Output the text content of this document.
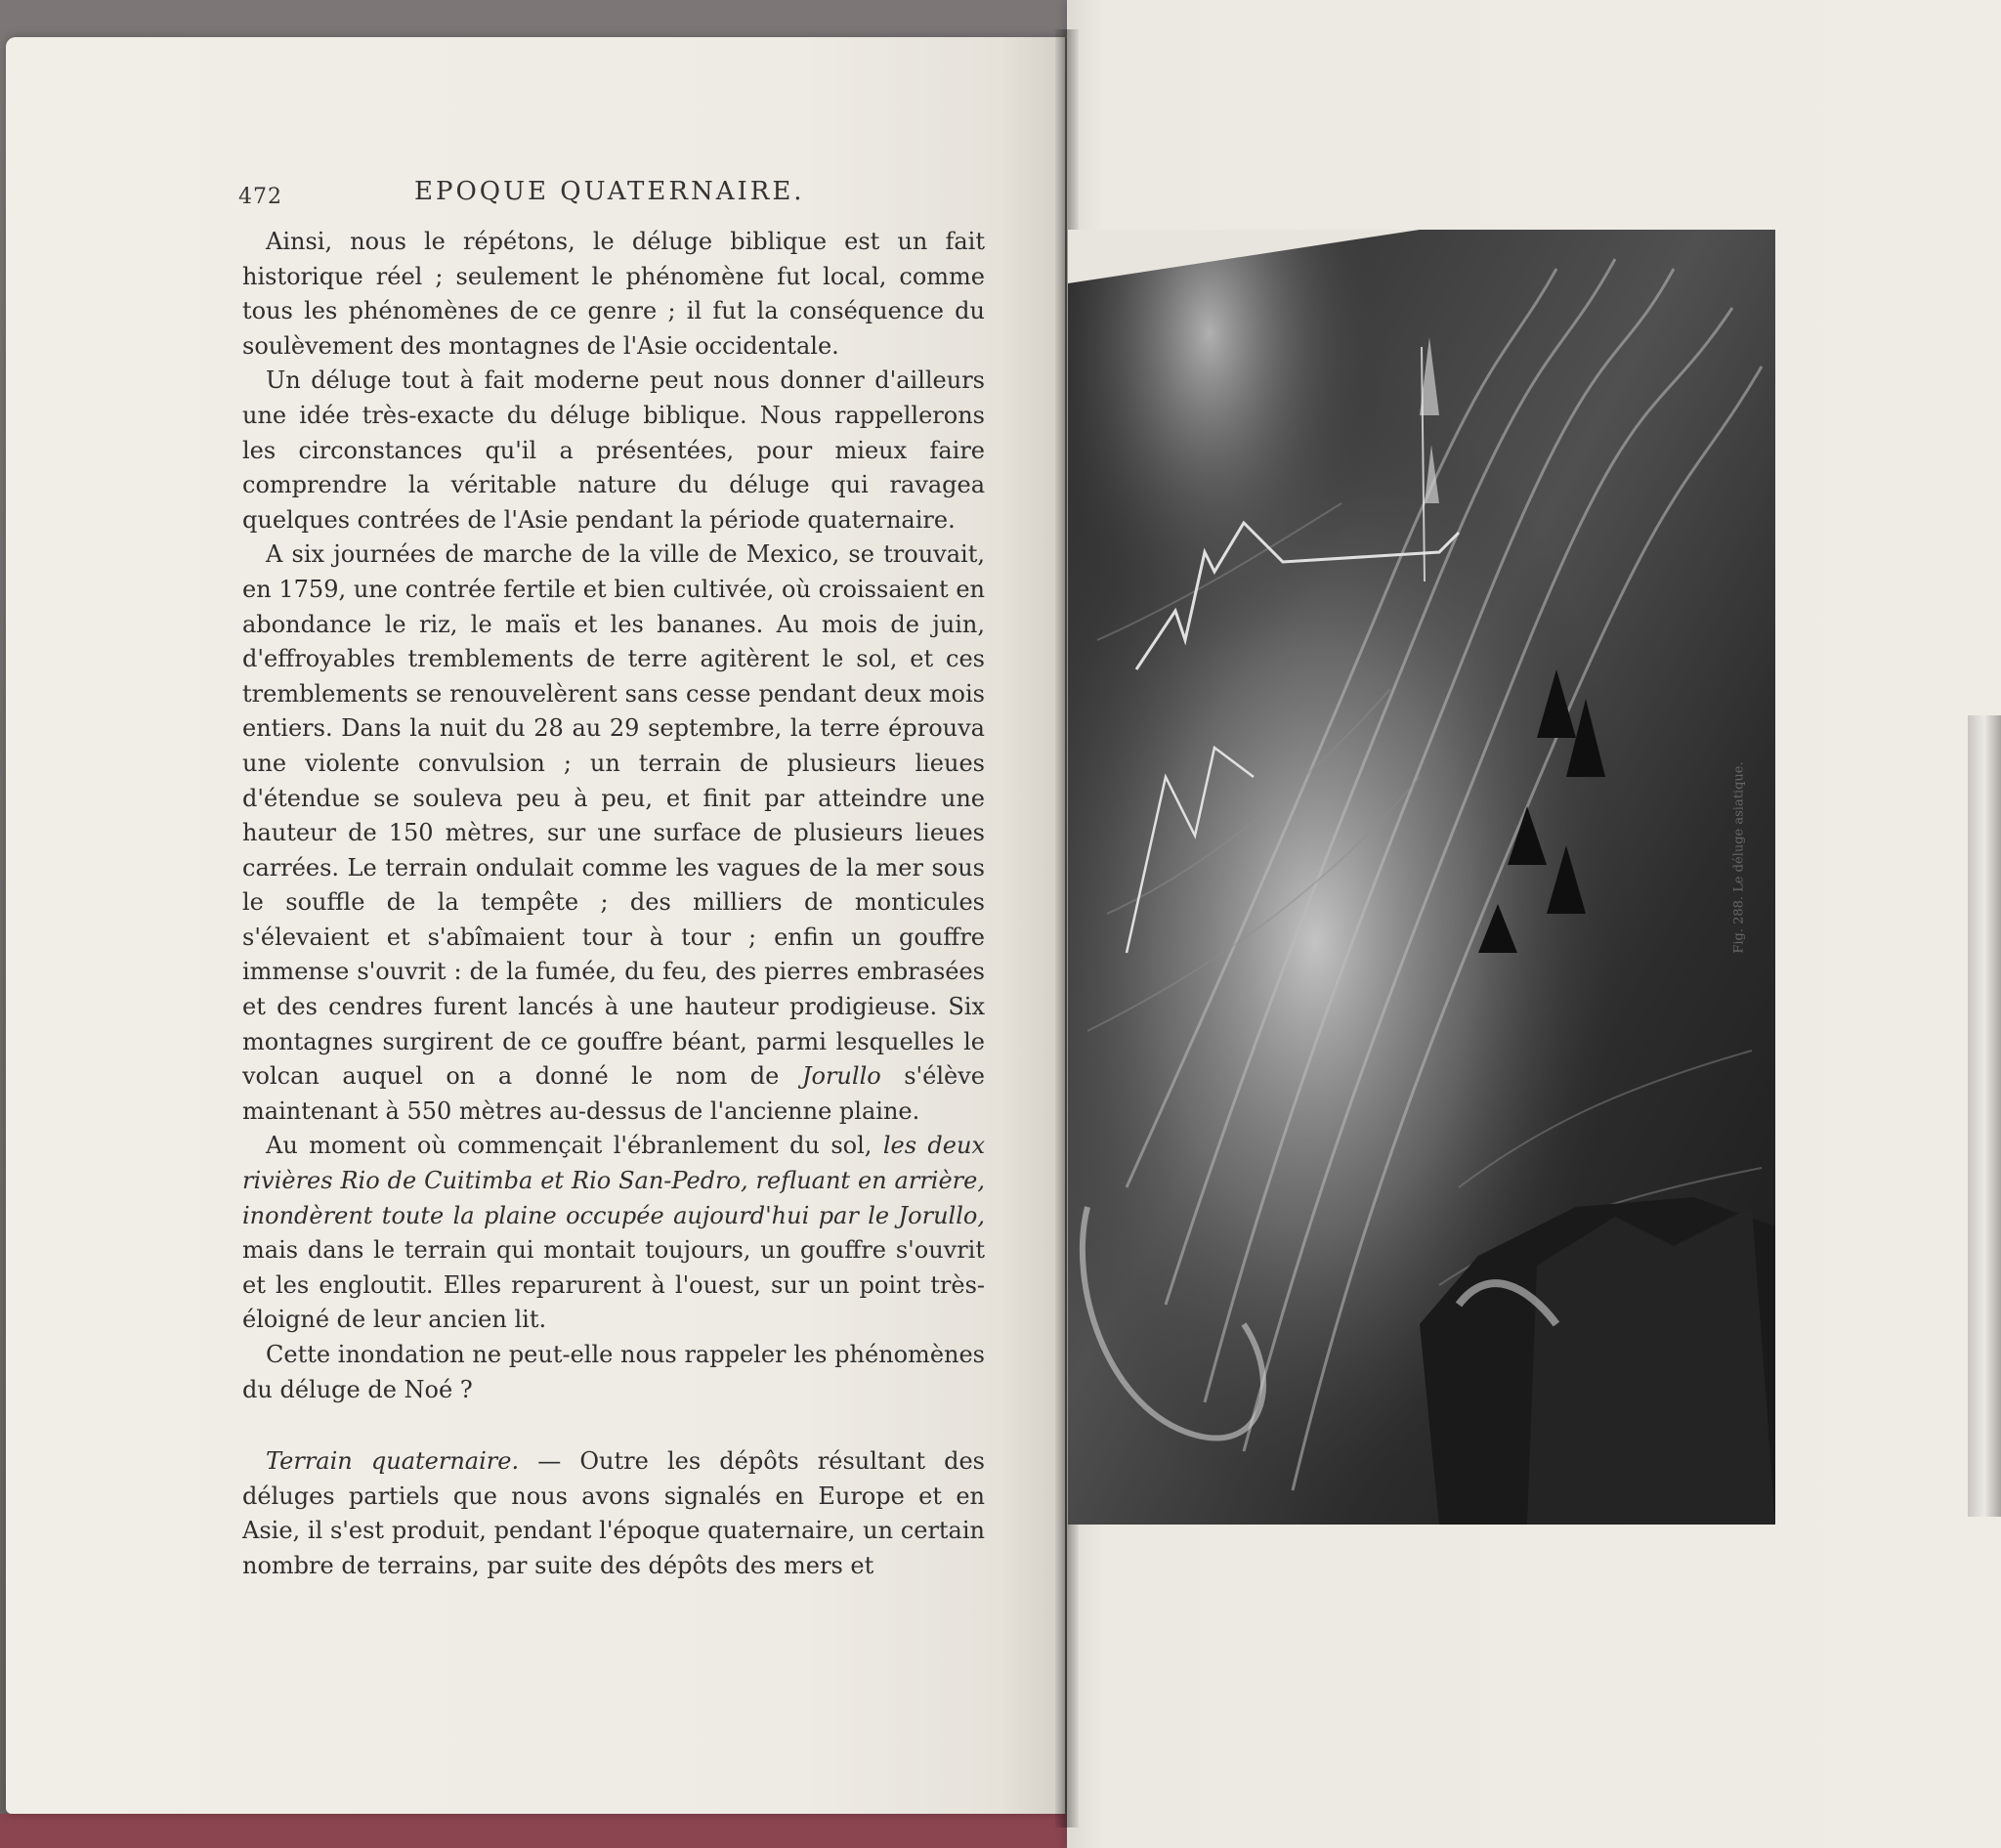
472	EPOQUE QUATERNAIRE.

Ainsi, nous le répétons, le déluge biblique est un fait historique réel ; seulement le phénomène fut local, comme tous les phénomènes de ce genre ; il fut la conséquence du soulèvement des montagnes de l'Asie occidentale.

Un déluge tout à fait moderne peut nous donner d'ailleurs une idée très-exacte du déluge biblique. Nous rappellerons les circonstances qu'il a présentées, pour mieux faire comprendre la véritable nature du déluge qui ravagea quelques contrées de l'Asie pendant la période quaternaire.

A six journées de marche de la ville de Mexico, se trouvait, en 1759, une contrée fertile et bien cultivée, où croissaient en abondance le riz, le maïs et les bananes. Au mois de juin, d'effroyables tremblements de terre agitèrent le sol, et ces tremblements se renouvelèrent sans cesse pendant deux mois entiers. Dans la nuit du 28 au 29 septembre, la terre éprouva une violente convulsion ; un terrain de plusieurs lieues d'étendue se souleva peu à peu, et finit par atteindre une hauteur de 150 mètres, sur une surface de plusieurs lieues carrées. Le terrain ondulait comme les vagues de la mer sous le souffle de la tempête ; des milliers de monticules s'élevaient et s'abîmaient tour à tour ; enfin un gouffre immense s'ouvrit : de la fumée, du feu, des pierres embrasées et des cendres furent lancés à une hauteur prodigieuse. Six montagnes surgirent de ce gouffre béant, parmi lesquelles le volcan auquel on a donné le nom de Jorullo s'élève maintenant à 550 mètres au-dessus de l'ancienne plaine.

Au moment où commençait l'ébranlement du sol, les deux rivières Rio de Cuitimba et Rio San-Pedro, refluant en arrière, inondèrent toute la plaine occupée aujourd'hui par le Jorullo, mais dans le terrain qui montait toujours, un gouffre s'ouvrit et les engloutit. Elles reparurent à l'ouest, sur un point très-éloigné de leur ancien lit.

Cette inondation ne peut-elle nous rappeler les phénomènes du déluge de Noé ?

Terrain quaternaire. — Outre les dépôts résultant des déluges partiels que nous avons signalés en Europe et en Asie, il s'est produit, pendant l'époque quaternaire, un certain nombre de terrains, par suite des dépôts des mers et

Fig. 288. Le déluge asiatique.
